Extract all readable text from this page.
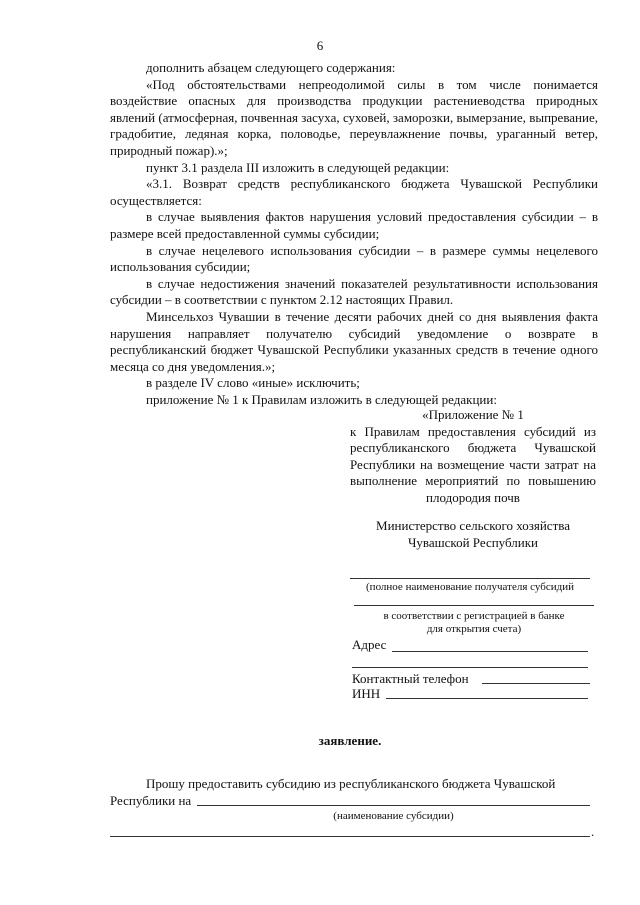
6

дополнить абзацем следующего содержания:

«Под обстоятельствами непреодолимой силы в том числе понимается воздействие опасных для производства продукции растениеводства природных явлений (атмосферная, почвенная засуха, суховей, заморозки, вымерзание, выпревание, градобитие, ледяная корка, половодье, переувлажнение почвы, ураганный ветер, природный пожар).»;

пункт 3.1 раздела III изложить в следующей редакции:

«3.1. Возврат средств республиканского бюджета Чувашской Республики осуществляется:

в случае выявления фактов нарушения условий предоставления субсидии – в размере всей предоставленной суммы субсидии;

в случае нецелевого использования субсидии – в размере суммы нецелевого использования субсидии;

в случае недостижения значений показателей результативности использования субсидии – в соответствии с пунктом 2.12 настоящих Правил.

Минсельхоз Чувашии в течение десяти рабочих дней со дня выявления факта нарушения направляет получателю субсидий уведомление о возврате в республиканский бюджет Чувашской Республики указанных средств в течение одного месяца со дня уведомления.»;

в разделе IV слово «иные» исключить;

приложение № 1 к Правилам изложить в следующей редакции:

«Приложение № 1

к Правилам предоставления субсидий из республиканского бюджета Чувашской Республики на возмещение части затрат на выполнение мероприятий по повышению плодородия почв

Министерство сельского хозяйства
Чувашской Республики
(полное наименование получателя субсидий
в соответствии с регистрацией в банке
для открытия счета)
Адрес
Контактный телефон
ИНН
заявление.

Прошу предоставить субсидию из республиканского бюджета Чувашской

Республики на

(наименование субсидии)
.
